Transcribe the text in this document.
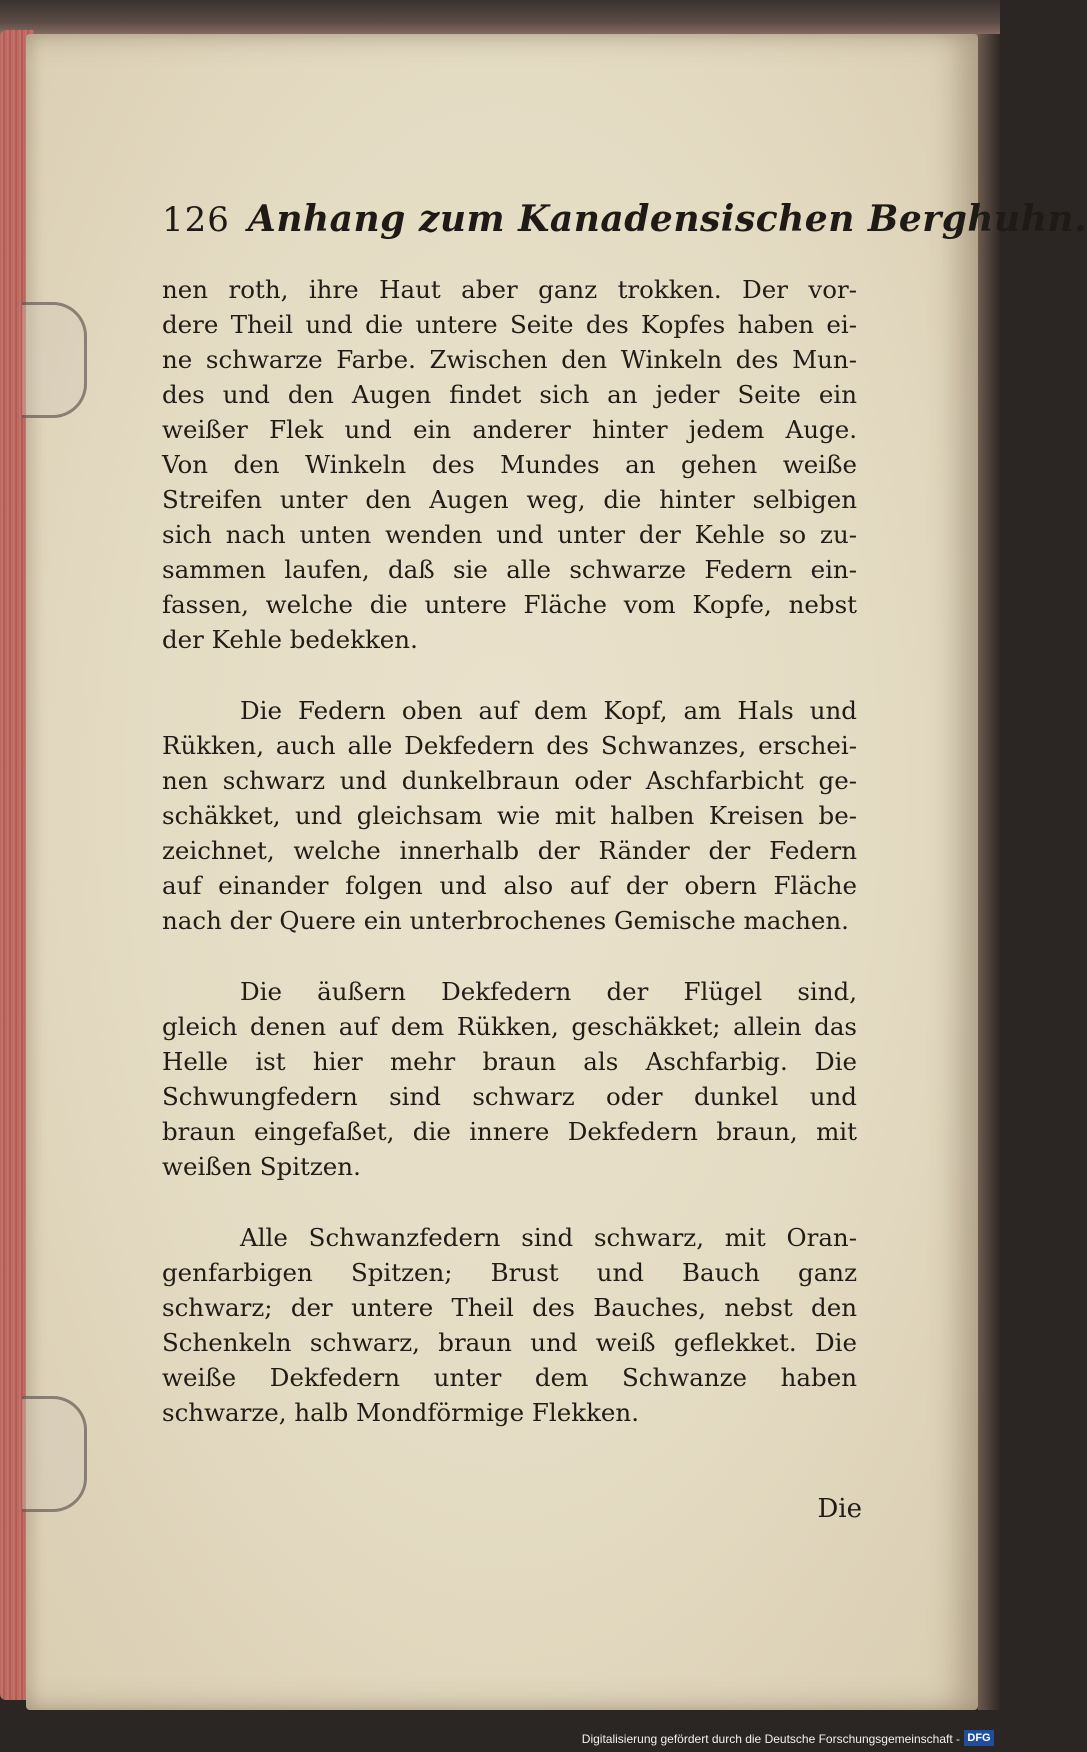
126 Anhang zum Kanadensischen Berghuhn.
nen roth, ihre Haut aber ganz trokken. Der vor-
dere Theil und die untere Seite des Kopfes haben ei-
ne schwarze Farbe. Zwischen den Winkeln des Mun-
des und den Augen findet sich an jeder Seite ein
weißer Flek und ein anderer hinter jedem Auge.
Von den Winkeln des Mundes an gehen weiße
Streifen unter den Augen weg, die hinter selbigen
sich nach unten wenden und unter der Kehle so zu-
sammen laufen, daß sie alle schwarze Federn ein-
fassen, welche die untere Fläche vom Kopfe, nebst
der Kehle bedekken.
Die Federn oben auf dem Kopf, am Hals und
Rükken, auch alle Dekfedern des Schwanzes, erschei-
nen schwarz und dunkelbraun oder Aschfarbicht ge-
schäkket, und gleichsam wie mit halben Kreisen be-
zeichnet, welche innerhalb der Ränder der Federn
auf einander folgen und also auf der obern Fläche
nach der Quere ein unterbrochenes Gemische machen.
Die äußern Dekfedern der Flügel sind,
gleich denen auf dem Rükken, geschäkket; allein das
Helle ist hier mehr braun als Aschfarbig. Die
Schwungfedern sind schwarz oder dunkel und
braun eingefaßet, die innere Dekfedern braun, mit
weißen Spitzen.
Alle Schwanzfedern sind schwarz, mit Oran-
genfarbigen Spitzen; Brust und Bauch ganz
schwarz; der untere Theil des Bauches, nebst den
Schenkeln schwarz, braun und weiß geflekket. Die
weiße Dekfedern unter dem Schwanze haben
schwarze, halb Mondförmige Flekken.
Die
Digitalisierung gefördert durch die Deutsche Forschungsgemeinschaft - DFG
